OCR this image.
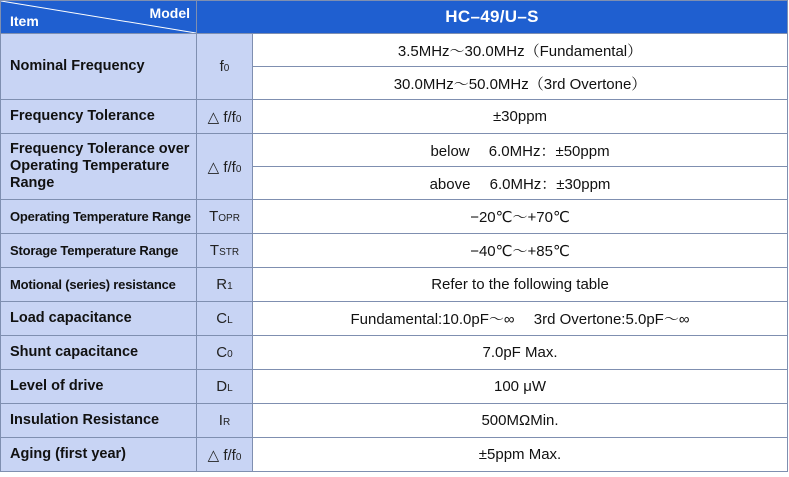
Item Model	HC–49/U–S	
Nominal Frequency	f0	3.5MHz〜30.0MHz（Fundamental）
		30.0MHz〜50.0MHz（3rd Overtone）
Frequency Tolerance	△ f/f0	±30ppm
Frequency Tolerance over Operating Temperature Range	△ f/f0	below　 6.0MHz：±50ppm
		above　 6.0MHz：±30ppm
Operating Temperature Range	TOPR	−20℃〜+70℃
Storage Temperature Range	TSTR	−40℃〜+85℃
Motional (series) resistance	R1	Refer to the following table
Load capacitance	CL	Fundamental:10.0pF〜∞　 3rd Overtone:5.0pF〜∞
Shunt capacitance	C0	7.0pF Max.
Level of drive	DL	100 μW
Insulation Resistance	IR	500MΩMin.
Aging (first year)	△ f/f0	±5ppm Max.
